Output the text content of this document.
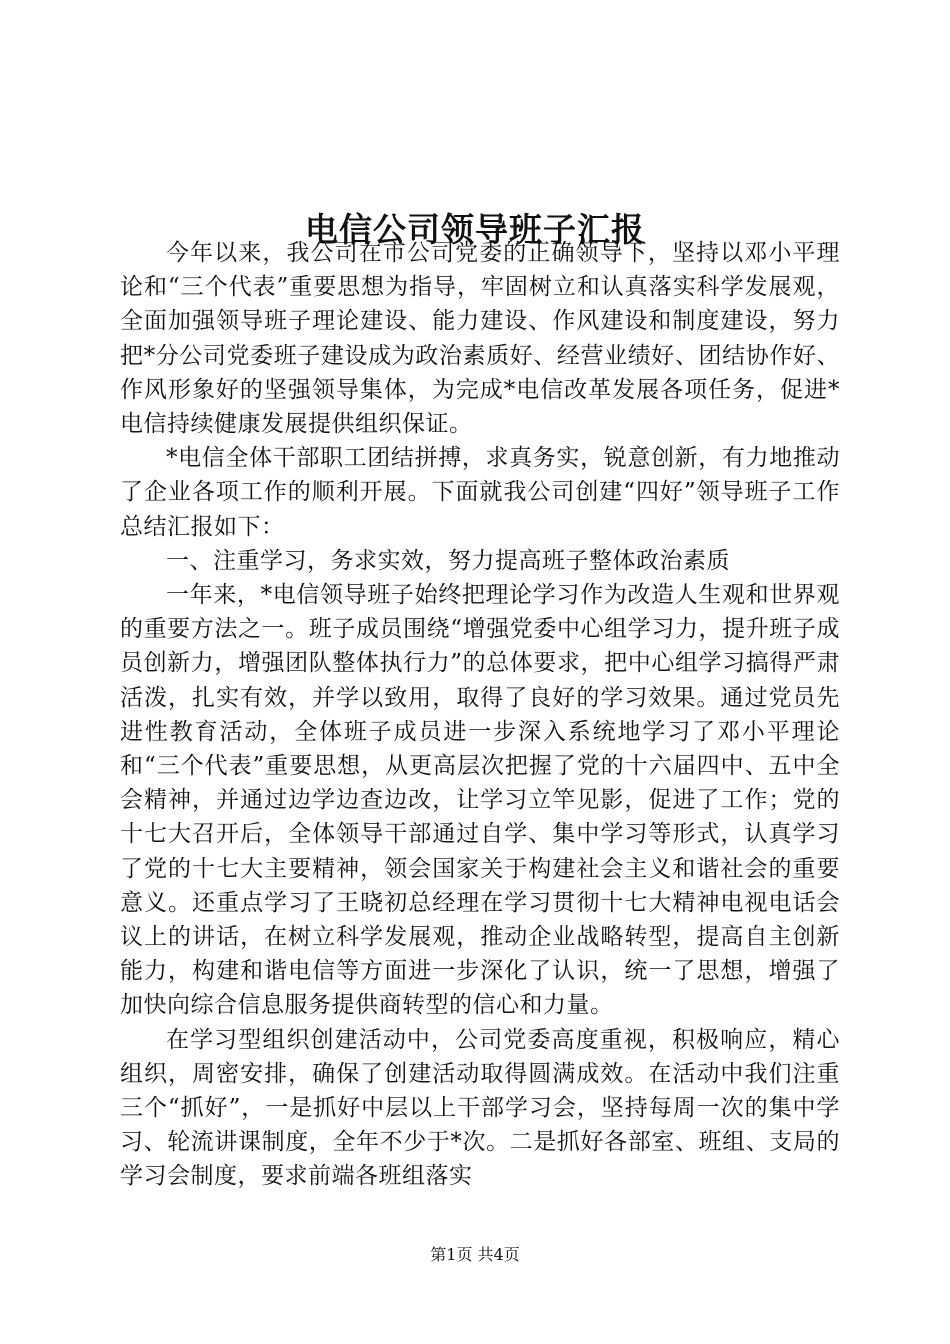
电信公司领导班子汇报

今年以来，我公司在市公司党委的正确领导下，坚持以邓小平理论和“三个代表”重要思想为指导，牢固树立和认真落实科学发展观，全面加强领导班子理论建设、能力建设、作风建设和制度建设，努力把*分公司党委班子建设成为政治素质好、经营业绩好、团结协作好、作风形象好的坚强领导集体，为完成*电信改革发展各项任务，促进*电信持续健康发展提供组织保证。

*电信全体干部职工团结拼搏，求真务实，锐意创新，有力地推动了企业各项工作的顺利开展。下面就我公司创建“四好”领导班子工作总结汇报如下：

一、注重学习，务求实效，努力提高班子整体政治素质

一年来，*电信领导班子始终把理论学习作为改造人生观和世界观的重要方法之一。班子成员围绕“增强党委中心组学习力，提升班子成员创新力，增强团队整体执行力”的总体要求，把中心组学习搞得严肃活泼，扎实有效，并学以致用，取得了良好的学习效果。通过党员先进性教育活动，全体班子成员进一步深入系统地学习了邓小平理论和“三个代表”重要思想，从更高层次把握了党的十六届四中、五中全会精神，并通过边学边查边改，让学习立竿见影，促进了工作；党的十七大召开后，全体领导干部通过自学、集中学习等形式，认真学习了党的十七大主要精神，领会国家关于构建社会主义和谐社会的重要意义。还重点学习了王晓初总经理在学习贯彻十七大精神电视电话会议上的讲话，在树立科学发展观，推动企业战略转型，提高自主创新能力，构建和谐电信等方面进一步深化了认识，统一了思想，增强了加快向综合信息服务提供商转型的信心和力量。

在学习型组织创建活动中，公司党委高度重视，积极响应，精心组织，周密安排，确保了创建活动取得圆满成效。在活动中我们注重三个“抓好”，一是抓好中层以上干部学习会，坚持每周一次的集中学习、轮流讲课制度，全年不少于*次。二是抓好各部室、班组、支局的学习会制度，要求前端各班组落实

第1页 共4页
